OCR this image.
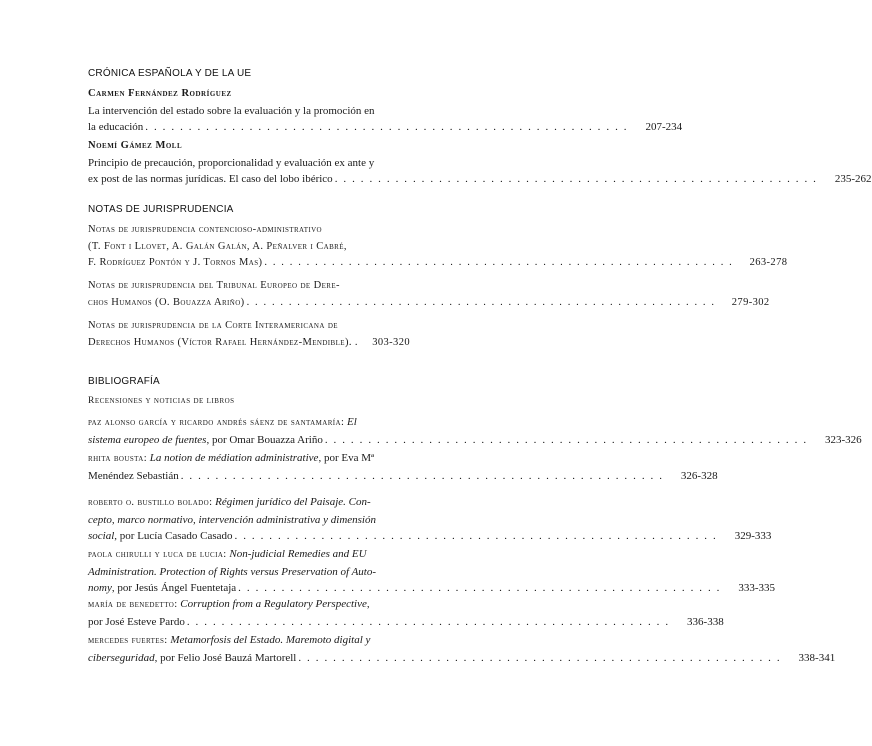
CRÓNICA ESPAÑOLA Y DE LA UE
Carmen Fernández Rodríguez
La intervención del estado sobre la evaluación y la promoción en
la educación . . . . . . . . . . . . . . . . . . . . . . . . . . . . . . . . . . . . . . . . . . . . . . . . . . . . . . . .	207-234
Noemí Gámez Moll
Principio de precaución, proporcionalidad y evaluación ex ante y
ex post de las normas jurídicas. El caso del lobo ibérico . . . . . . . . . . . . . . . . . . . . . . . . . . . . . . . . . . . . . . . . . . . . . . . . . . . . . . . .	235-262
NOTAS DE JURISPRUDENCIA
Notas de jurisprudencia contencioso-administrativo
(T. Font i Llovet, A. Galán Galán, A. Peñalver i Cabré,
F. Rodríguez Pontón y J. Tornos Mas) . . . . . . . . . . . . . . . . . . . . . . . . . . . . . . . . . . . . . . . . . . . . . . . . . . . . . . . .	263-278
Notas de jurisprudencia del Tribunal Europeo de Dere-
chos Humanos (O. Bouazza Ariño) . . . . . . . . . . . . . . . . . . . . . . . . . . . . . . . . . . . . . . . . . . . . . . . . . . . . . . . .	279-302
Notas de jurisprudencia de la Corte Interamericana de
Derechos Humanos (Víctor Rafael Hernández-Mendible). .	303-320
BIBLIOGRAFÍA
Recensiones y noticias de libros
paz alonso garcía y ricardo andrés sáenz de santamaría:
El
sistema europeo de fuentes , por Omar Bouazza Ariño . . . . . . . . . . . . . . . . . . . . . . . . . . . . . . . . . . . . . . . . . . . . . . . . . . . . . . . .	323-326
rhita bousta:
La notion de médiation administrative , por Eva Mª
Menéndez Sebastián . . . . . . . . . . . . . . . . . . . . . . . . . . . . . . . . . . . . . . . . . . . . . . . . . . . . . . . .	326-328
roberto o. bustillo bolado:
Régimen jurídico del Paisaje. Con-
cepto, marco normativo, intervención administrativa y dimensión
social , por Lucía Casado Casado . . . . . . . . . . . . . . . . . . . . . . . . . . . . . . . . . . . . . . . . . . . . . . . . . . . . . . . .	329-333
paola chirulli y luca de lucia:
Non-judicial Remedies and EU
Administration. Protection of Rights versus Preservation of Auto-
nomy , por Jesús Ángel Fuentetaja . . . . . . . . . . . . . . . . . . . . . . . . . . . . . . . . . . . . . . . . . . . . . . . . . . . . . . . .	333-335
maría de benedetto:
Corruption from a Regulatory Perspective ,
por José Esteve Pardo . . . . . . . . . . . . . . . . . . . . . . . . . . . . . . . . . . . . . . . . . . . . . . . . . . . . . . . .	336-338
mercedes fuertes:
Metamorfosis del Estado. Maremoto digital y
ciberseguridad , por Felio José Bauzá Martorell . . . . . . . . . . . . . . . . . . . . . . . . . . . . . . . . . . . . . . . . . . . . . . . . . . . . . . . .	338-341
